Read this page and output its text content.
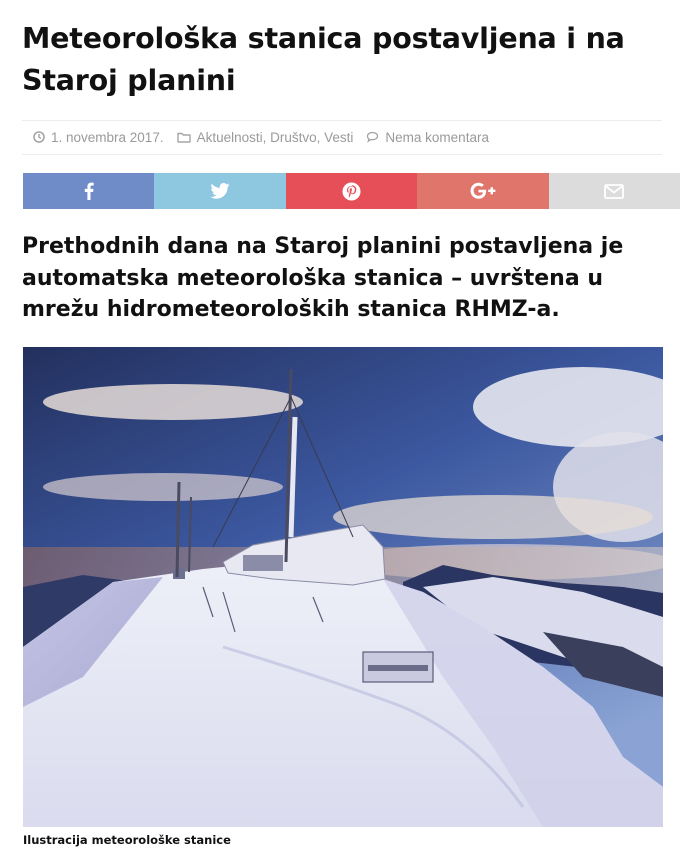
Meteorološka stanica postavljena i na Staroj planini
1. novembra 2017. Aktuelnosti, Društvo, Vesti Nema komentara

Prethodnih dana na Staroj planini postavljena je automatska meteorološka stanica – uvrštena u mrežu hidrometeoroloških stanica RHMZ-a.

Ilustracija meteorološke stanice
